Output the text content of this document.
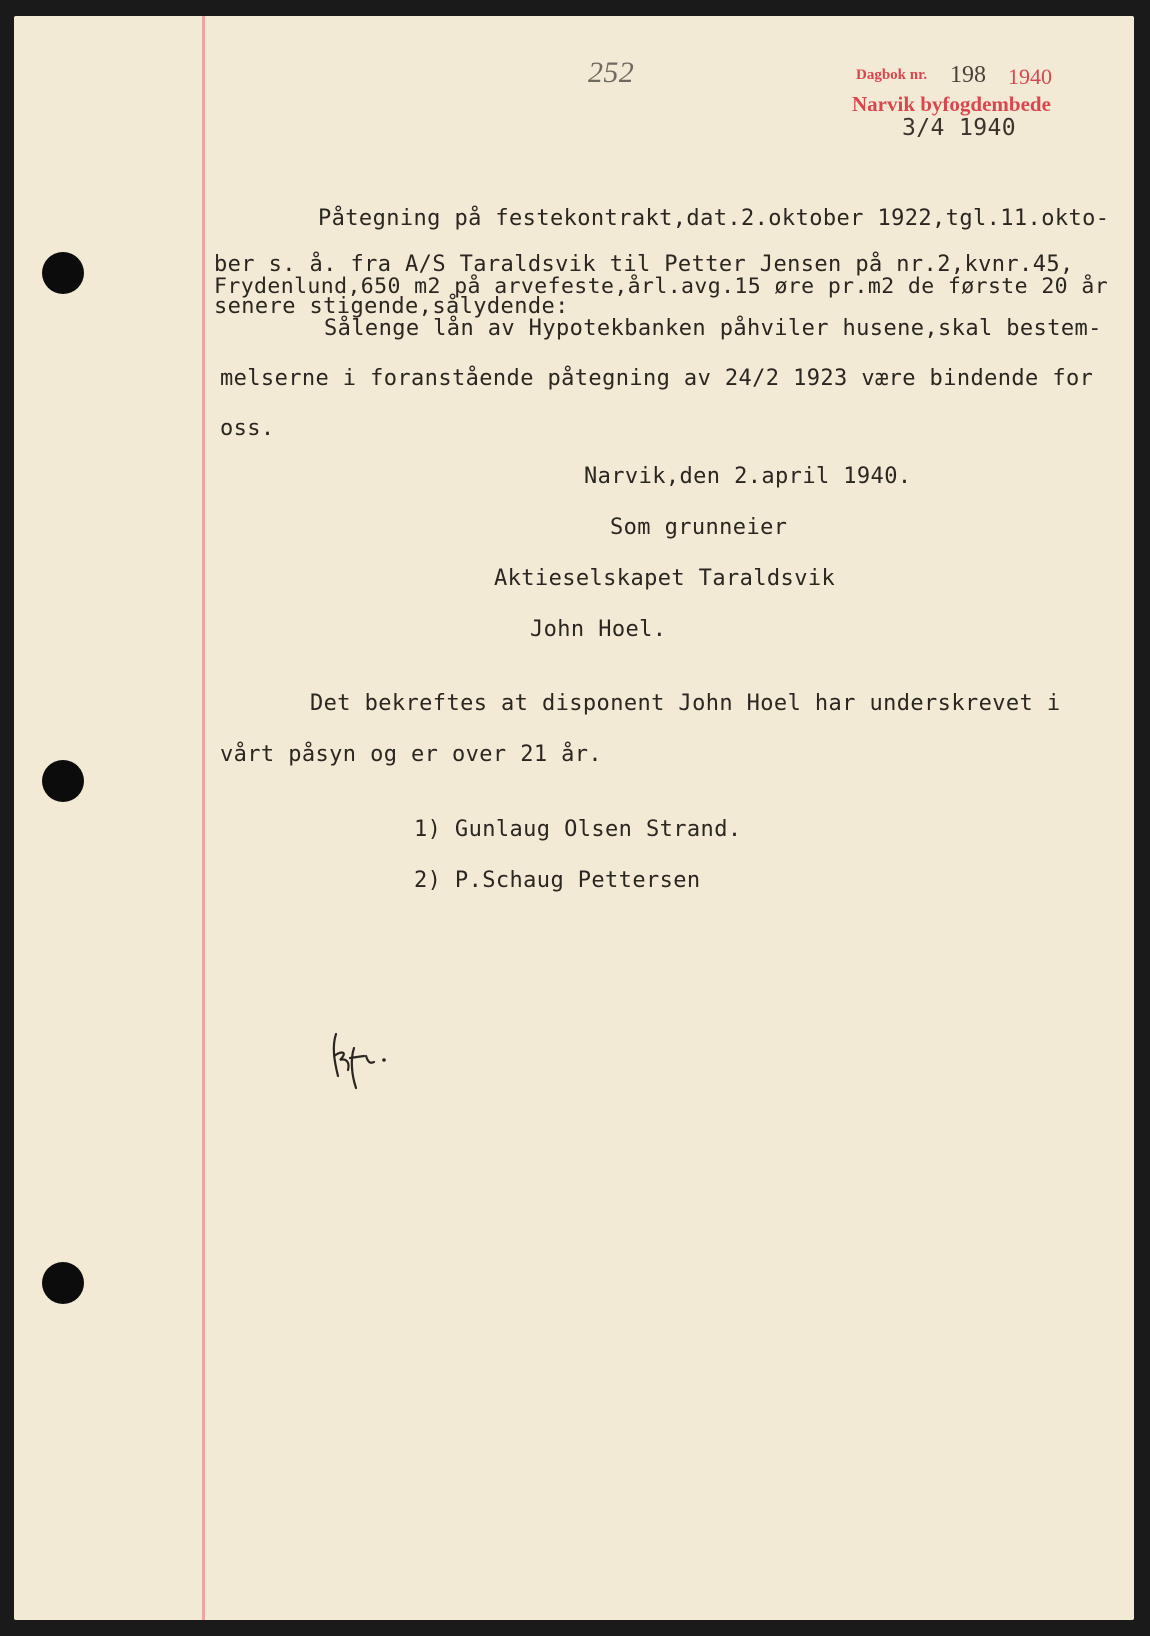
252	Dagbok nr. 198 1940
Narvik byfogdembede
3/4 1940
Påtegning på festekontrakt,dat.2.oktober 1922,tgl.11.okto-
ber s. å. fra A/S Taraldsvik til Petter Jensen på nr.2,kvnr.45,
Frydenlund,650 m2 på arvefeste,årl.avg.15 øre pr.m2 de første 20 år
senere stigende,sålydende:
Sålenge lån av Hypotekbanken påhviler husene,skal bestem-
melserne i foranstående påtegning av 24/2 1923 være bindende for
oss.
Narvik,den 2.april 1940.
Som grunneier
Aktieselskapet Taraldsvik
John Hoel.
Det bekreftes at disponent John Hoel har underskrevet i
vårt påsyn og er over 21 år.
1) Gunlaug Olsen Strand.
2) P.Schaug Pettersen
